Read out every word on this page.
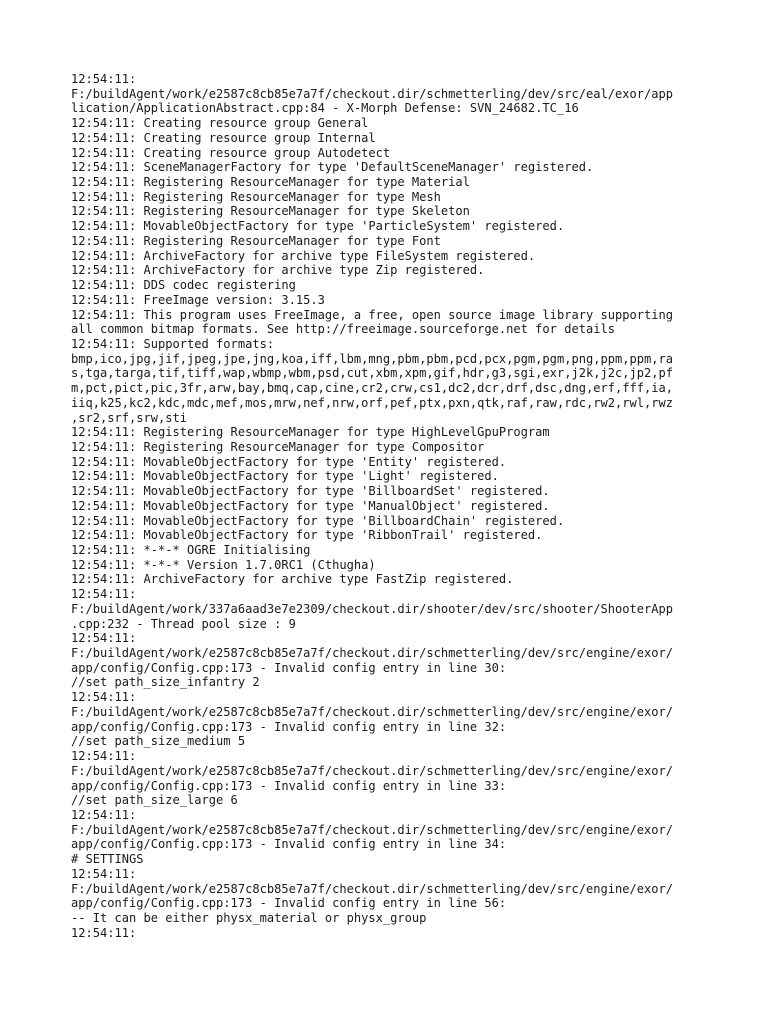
12:54:11:
F:/buildAgent/work/e2587c8cb85e7a7f/checkout.dir/schmetterling/dev/src/eal/exor/app
lication/ApplicationAbstract.cpp:84 - X-Morph Defense: SVN_24682.TC_16
12:54:11: Creating resource group General
12:54:11: Creating resource group Internal
12:54:11: Creating resource group Autodetect
12:54:11: SceneManagerFactory for type 'DefaultSceneManager' registered.
12:54:11: Registering ResourceManager for type Material
12:54:11: Registering ResourceManager for type Mesh
12:54:11: Registering ResourceManager for type Skeleton
12:54:11: MovableObjectFactory for type 'ParticleSystem' registered.
12:54:11: Registering ResourceManager for type Font
12:54:11: ArchiveFactory for archive type FileSystem registered.
12:54:11: ArchiveFactory for archive type Zip registered.
12:54:11: DDS codec registering
12:54:11: FreeImage version: 3.15.3
12:54:11: This program uses FreeImage, a free, open source image library supporting
all common bitmap formats. See http://freeimage.sourceforge.net for details
12:54:11: Supported formats:
bmp,ico,jpg,jif,jpeg,jpe,jng,koa,iff,lbm,mng,pbm,pbm,pcd,pcx,pgm,pgm,png,ppm,ppm,ra
s,tga,targa,tif,tiff,wap,wbmp,wbm,psd,cut,xbm,xpm,gif,hdr,g3,sgi,exr,j2k,j2c,jp2,pf
m,pct,pict,pic,3fr,arw,bay,bmq,cap,cine,cr2,crw,cs1,dc2,dcr,drf,dsc,dng,erf,fff,ia,
iiq,k25,kc2,kdc,mdc,mef,mos,mrw,nef,nrw,orf,pef,ptx,pxn,qtk,raf,raw,rdc,rw2,rwl,rwz
,sr2,srf,srw,sti
12:54:11: Registering ResourceManager for type HighLevelGpuProgram
12:54:11: Registering ResourceManager for type Compositor
12:54:11: MovableObjectFactory for type 'Entity' registered.
12:54:11: MovableObjectFactory for type 'Light' registered.
12:54:11: MovableObjectFactory for type 'BillboardSet' registered.
12:54:11: MovableObjectFactory for type 'ManualObject' registered.
12:54:11: MovableObjectFactory for type 'BillboardChain' registered.
12:54:11: MovableObjectFactory for type 'RibbonTrail' registered.
12:54:11: *-*-* OGRE Initialising
12:54:11: *-*-* Version 1.7.0RC1 (Cthugha)
12:54:11: ArchiveFactory for archive type FastZip registered.
12:54:11:
F:/buildAgent/work/337a6aad3e7e2309/checkout.dir/shooter/dev/src/shooter/ShooterApp
.cpp:232 - Thread pool size : 9
12:54:11:
F:/buildAgent/work/e2587c8cb85e7a7f/checkout.dir/schmetterling/dev/src/engine/exor/
app/config/Config.cpp:173 - Invalid config entry in line 30:
//set path_size_infantry 2
12:54:11:
F:/buildAgent/work/e2587c8cb85e7a7f/checkout.dir/schmetterling/dev/src/engine/exor/
app/config/Config.cpp:173 - Invalid config entry in line 32:
//set path_size_medium 5
12:54:11:
F:/buildAgent/work/e2587c8cb85e7a7f/checkout.dir/schmetterling/dev/src/engine/exor/
app/config/Config.cpp:173 - Invalid config entry in line 33:
//set path_size_large 6
12:54:11:
F:/buildAgent/work/e2587c8cb85e7a7f/checkout.dir/schmetterling/dev/src/engine/exor/
app/config/Config.cpp:173 - Invalid config entry in line 34:
# SETTINGS
12:54:11:
F:/buildAgent/work/e2587c8cb85e7a7f/checkout.dir/schmetterling/dev/src/engine/exor/
app/config/Config.cpp:173 - Invalid config entry in line 56:
-- It can be either physx_material or physx_group
12:54:11:
